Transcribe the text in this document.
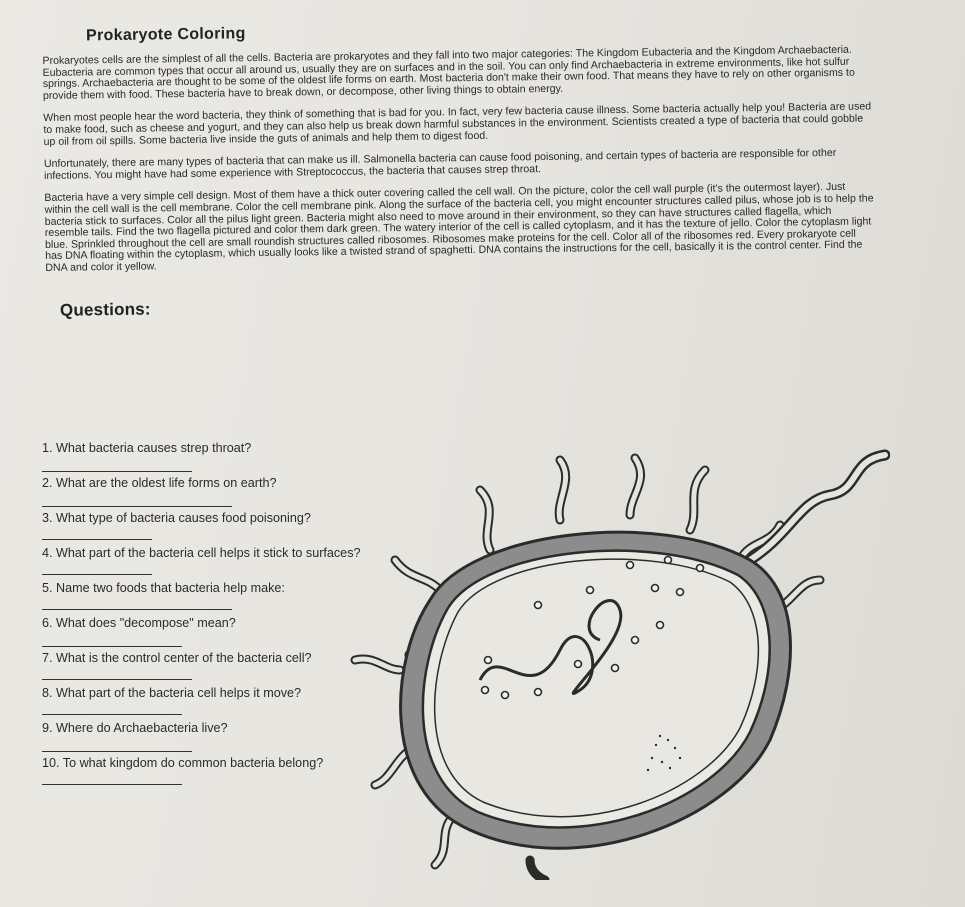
Prokaryote Coloring

Prokaryotes cells are the simplest of all the cells. Bacteria are prokaryotes and they fall into two major categories: The Kingdom Eubacteria and the Kingdom Archaebacteria. Eubacteria are common types that occur all around us, usually they are on surfaces and in the soil. You can only find Archaebacteria in extreme environments, like hot sulfur springs. Archaebacteria are thought to be some of the oldest life forms on earth. Most bacteria don't make their own food. That means they have to rely on other organisms to provide them with food. These bacteria have to break down, or decompose, other living things to obtain energy.

When most people hear the word bacteria, they think of something that is bad for you. In fact, very few bacteria cause illness. Some bacteria actually help you! Bacteria are used to make food, such as cheese and yogurt, and they can also help us break down harmful substances in the environment. Scientists created a type of bacteria that could gobble up oil from oil spills. Some bacteria live inside the guts of animals and help them to digest food.

Unfortunately, there are many types of bacteria that can make us ill. Salmonella bacteria can cause food poisoning, and certain types of bacteria are responsible for other infections. You might have had some experience with Streptococcus, the bacteria that causes strep throat.

Bacteria have a very simple cell design. Most of them have a thick outer covering called the cell wall. On the picture, color the cell wall purple (it's the outermost layer). Just within the cell wall is the cell membrane. Color the cell membrane pink. Along the surface of the bacteria cell, you might encounter structures called pilus, whose job is to help the bacteria stick to surfaces. Color all the pilus light green. Bacteria might also need to move around in their environment, so they can have structures called flagella, which resemble tails. Find the two flagella pictured and color them dark green. The watery interior of the cell is called cytoplasm, and it has the texture of jello. Color the cytoplasm light blue. Sprinkled throughout the cell are small roundish structures called ribosomes. Ribosomes make proteins for the cell. Color all of the ribosomes red. Every prokaryote cell has DNA floating within the cytoplasm, which usually looks like a twisted strand of spaghetti. DNA contains the instructions for the cell, basically it is the control center. Find the DNA and color it yellow.

Questions:

1. What bacteria causes strep throat?

2. What are the oldest life forms on earth?

3. What type of bacteria causes food poisoning?

4. What part of the bacteria cell helps it stick to surfaces?

5. Name two foods that bacteria help make:

6. What does "decompose" mean?

7. What is the control center of the bacteria cell?

8. What part of the bacteria cell helps it move?

9. Where do Archaebacteria live?

10. To what kingdom do common bacteria belong?
